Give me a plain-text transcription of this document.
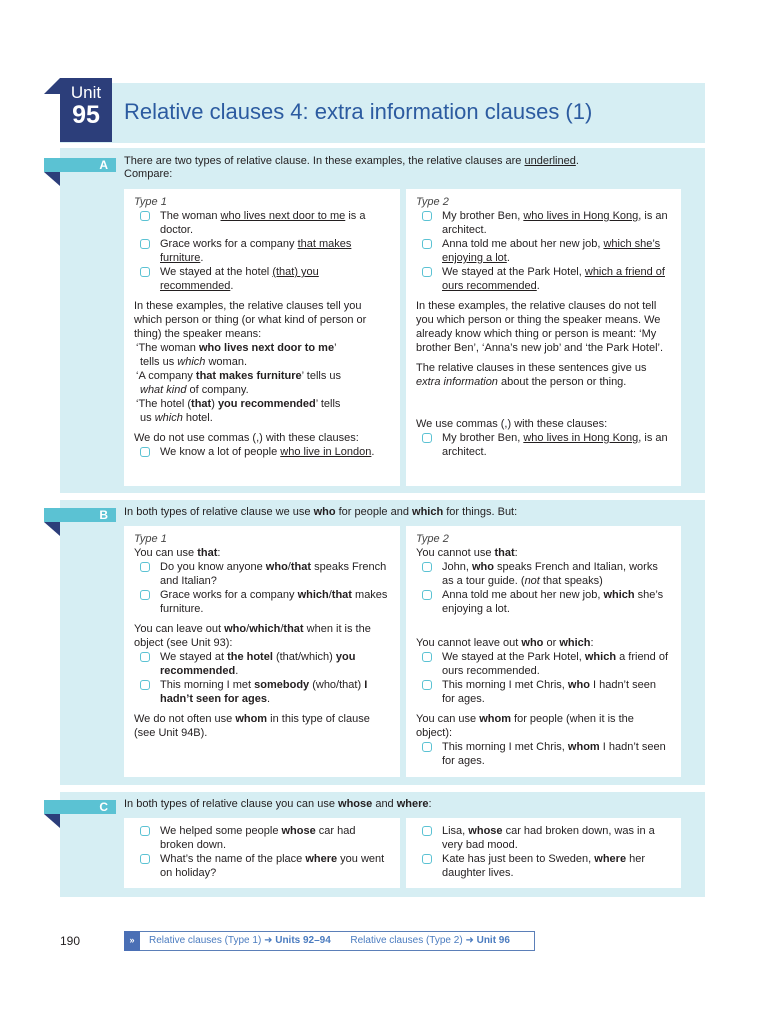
Unit
95	Relative clauses 4: extra information clauses (1)
A	There are two types of relative clause. In these examples, the relative clauses are underlined.
Compare:
Type 1
The woman who lives next door to me is a doctor.
Grace works for a company that makes furniture.
We stayed at the hotel (that) you recommended.
In these examples, the relative clauses tell you which person or thing (or what kind of person or thing) the speaker means:
‘The woman who lives next door to me’
tells us which woman.
‘A company that makes furniture’ tells us
what kind of company.
‘The hotel (that) you recommended’ tells
us which hotel.
We do not use commas (,) with these clauses:
We know a lot of people who live in London.
Type 2
My brother Ben, who lives in Hong Kong, is an architect.
Anna told me about her new job, which she’s enjoying a lot.
We stayed at the Park Hotel, which a friend of ours recommended.
In these examples, the relative clauses do not tell you which person or thing the speaker means. We already know which thing or person is meant: ‘My brother Ben’, ‘Anna’s new job’ and ‘the Park Hotel’.
The relative clauses in these sentences give us extra information about the person or thing.
We use commas (,) with these clauses:
My brother Ben, who lives in Hong Kong, is an architect.
B	In both types of relative clause we use who for people and which for things. But:
Type 1
You can use that:
Do you know anyone who/that speaks French and Italian?
Grace works for a company which/that makes furniture.
You can leave out who/which/that when it is the object (see Unit 93):
We stayed at the hotel (that/which) you recommended.
This morning I met somebody (who/that) I hadn’t seen for ages.
We do not often use whom in this type of clause (see Unit 94B).
Type 2
You cannot use that:
John, who speaks French and Italian, works as a tour guide. (not that speaks)
Anna told me about her new job, which she’s enjoying a lot.
You cannot leave out who or which:
We stayed at the Park Hotel, which a friend of ours recommended.
This morning I met Chris, who I hadn’t seen for ages.
You can use whom for people (when it is the object):
This morning I met Chris, whom I hadn’t seen for ages.
C	In both types of relative clause you can use whose and where:
We helped some people whose car had broken down.
What’s the name of the place where you went on holiday?
Lisa, whose car had broken down, was in a very bad mood.
Kate has just been to Sweden, where her daughter lives.
190	Relative clauses (Type 1) ➜ Units 92–94 Relative clauses (Type 2) ➜ Unit 96
»
